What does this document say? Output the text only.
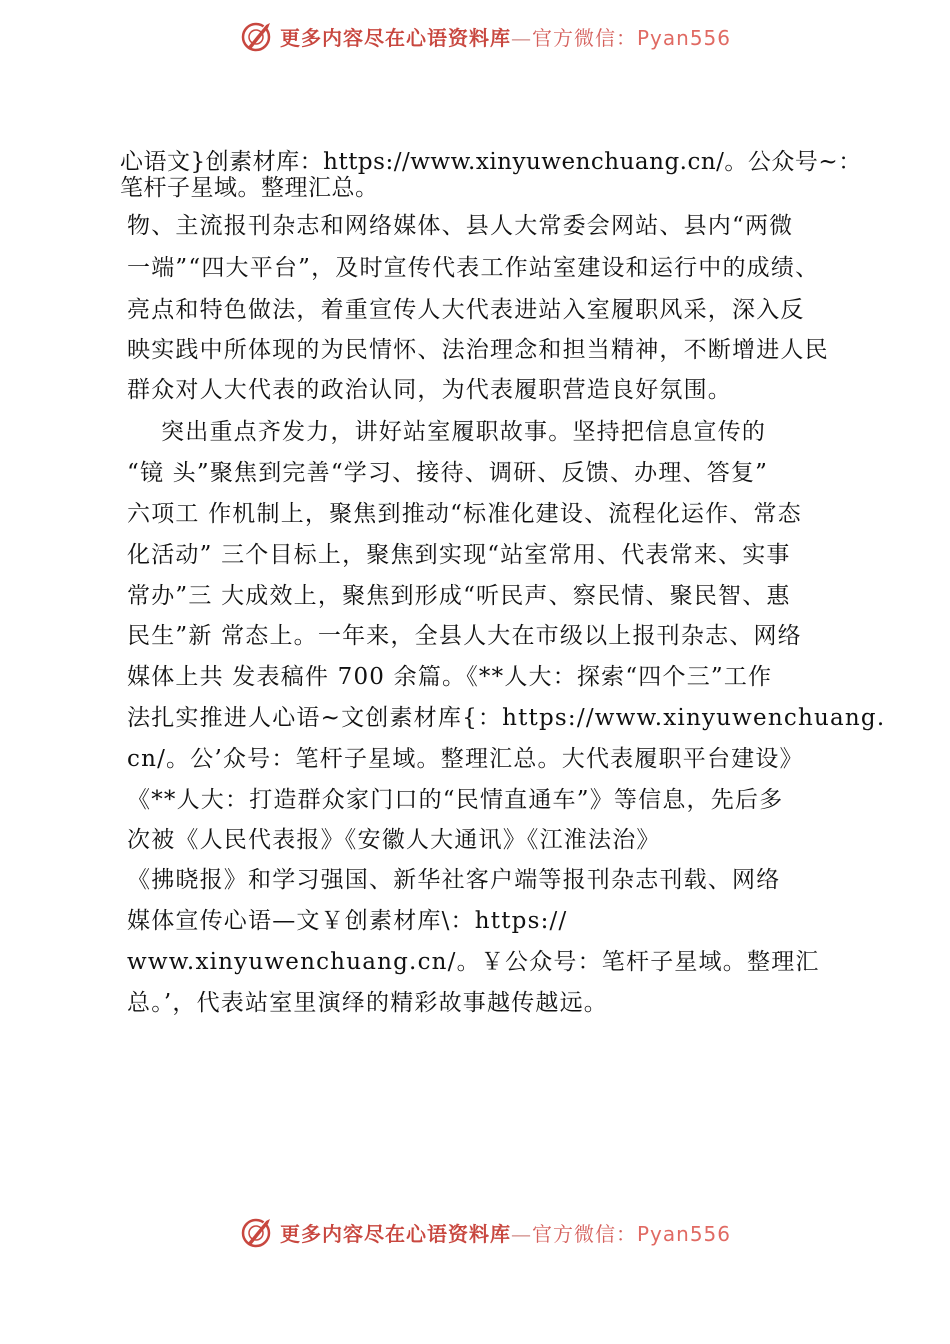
更多内容尽在心语资料库—官方微信：Pyan556

心语文}创素材库：https://www.xinyuwenchuang.cn/。公众号~：

笔杆子星域。整理汇总。

物、主流报刊杂志和网络媒体、县人大常委会网站、县内“两微

一端”“四大平台”，及时宣传代表工作站室建设和运行中的成绩、

亮点和特色做法，着重宣传人大代表进站入室履职风采，深入反

映实践中所体现的为民情怀、法治理念和担当精神，不断增进人民

群众对人大代表的政治认同，为代表履职营造良好氛围。

突出重点齐发力，讲好站室履职故事。坚持把信息宣传的

“镜 头”聚焦到完善“学习、接待、调研、反馈、办理、答复”

六项工 作机制上，聚焦到推动“标准化建设、流程化运作、常态

化活动” 三个目标上，聚焦到实现“站室常用、代表常来、实事

常办”三 大成效上，聚焦到形成“听民声、察民情、聚民智、惠

民生”新 常态上。一年来，全县人大在市级以上报刊杂志、网络

媒体上共 发表稿件 700 余篇。《**人大：探索“四个三”工作

法扎实推进人心语~文创素材库{：https://www.xinyuwenchuang.

cn/。公’众号：笔杆子星域。整理汇总。大代表履职平台建设》

《**人大：打造群众家门口的“民情直通车”》等信息，先后多

次被《人民代表报》《安徽人大通讯》《江淮法治》

《拂晓报》和学习强国、新华社客户端等报刊杂志刊载、网络

媒体宣传心语—文￥创素材库\：https://

www.xinyuwenchuang.cn/。￥公众号：笔杆子星域。整理汇

总。’，代表站室里演绎的精彩故事越传越远。

更多内容尽在心语资料库—官方微信：Pyan556
